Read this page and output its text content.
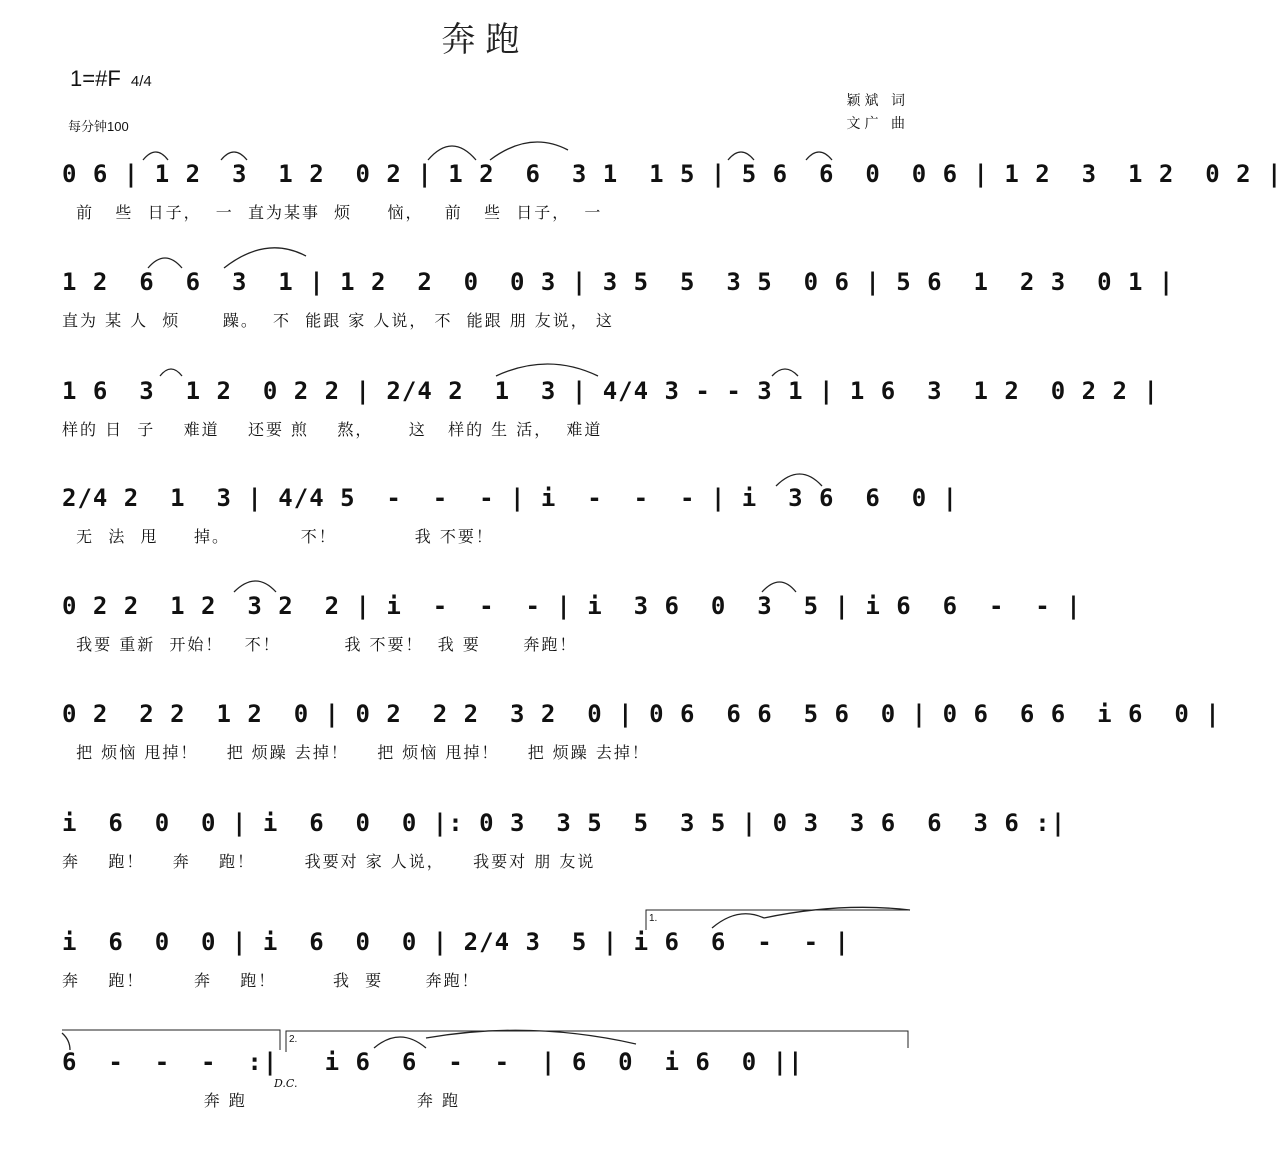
奔跑
1=#F 4/4
每分钟100
颖斌 词
文广 曲
0 6 | 1 2  3  1 2  0 2 | 1 2  6  3 1  1 5 | 5 6  6  0  0 6 | 1 2  3  1 2  0 2 |
前   些  日子，  一  直为某事  烦     恼，   前   些  日子，  一
1 2  6  6  3  1 | 1 2  2  0  0 3 | 3 5  5  3 5  0 6 | 5 6  1  2 3  0 1 |
直为 某 人  烦      躁。  不  能跟 家 人说， 不  能跟 朋 友说， 这
1 6  3  1 2  0 2 2 | 2/4 2  1  3 | 4/4 3 - - 3 1 | 1 6  3  1 2  0 2 2 |
样的 日  子    难道    还要 煎    熬，     这   样的 生 活，  难道
2/4 2  1  3 | 4/4 5  -  -  - | i  -  -  - | i  3 6  6  0 |
无  法  甩     掉。          不！           我 不要！
0 2 2  1 2  3 2  2 | i  -  -  - | i  3 6  0  3  5 | i 6  6  -  - |
我要 重新  开始！   不！         我 不要！  我 要      奔跑！
0 2  2 2  1 2  0 | 0 2  2 2  3 2  0 | 0 6  6 6  5 6  0 | 0 6  6 6  i 6  0 |
把 烦恼 甩掉！    把 烦躁 去掉！    把 烦恼 甩掉！    把 烦躁 去掉！
i  6  0  0 | i  6  0  0 |: 0 3  3 5  5  3 5 | 0 3  3 6  6  3 6 :|
奔    跑！    奔    跑！       我要对 家 人说，    我要对 朋 友说
i  6  0  0 | i  6  0  0 | 2/4 3  5 | i 6  6  -  - |
奔    跑！       奔    跑！        我  要      奔跑！
6  -  -  -  :|   i 6  6  -  -  | 6  0  i 6  0 ||
奔 跑                        奔 跑
1.
2.
D.C.
